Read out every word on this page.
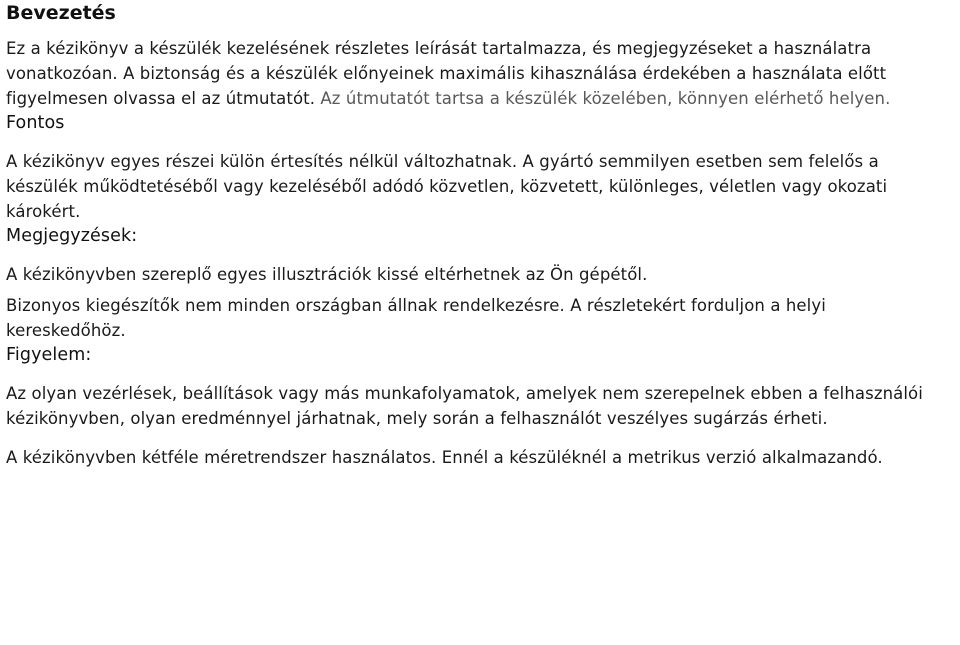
Bevezetés

Ez a kézikönyv a készülék kezelésének részletes leírását tartalmazza, és megjegyzéseket a használatra vonatkozóan. A biztonság és a készülék előnyeinek maximális kihasználása érdekében a használata előtt figyelmesen olvassa el az útmutatót. Az útmutatót tartsa a készülék közelében, könnyen elérhető helyen.

Fontos

A kézikönyv egyes részei külön értesítés nélkül változhatnak. A gyártó semmilyen esetben sem felelős a készülék működtetéséből vagy kezeléséből adódó közvetlen, közvetett, különleges, véletlen vagy okozati károkért.

Megjegyzések:

A kézikönyvben szereplő egyes illusztrációk kissé eltérhetnek az Ön gépétől.

Bizonyos kiegészítők nem minden országban állnak rendelkezésre. A részletekért forduljon a helyi kereskedőhöz.

Figyelem:

Az olyan vezérlések, beállítások vagy más munkafolyamatok, amelyek nem szerepelnek ebben a felhasználói kézikönyvben, olyan eredménnyel járhatnak, mely során a felhasználót veszélyes sugárzás érheti.

A kézikönyvben kétféle méretrendszer használatos. Ennél a készüléknél a metrikus verzió alkalmazandó.
